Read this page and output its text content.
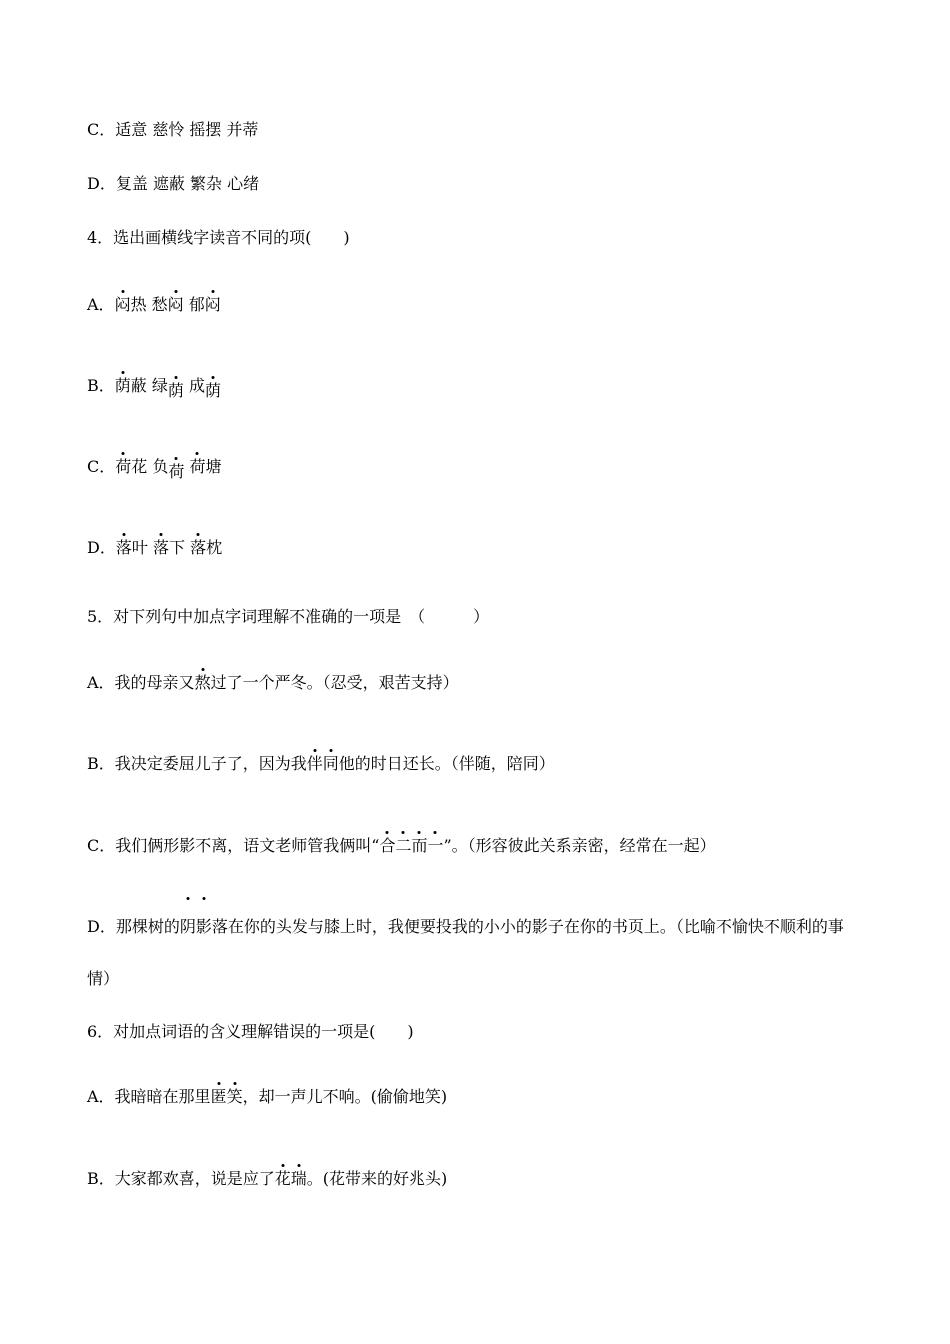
C．适意 慈怜 摇摆 并蒂
D．复盖 遮蔽 繁杂 心绪
4．选出画横线字读音不同的项(　　)
A．闷热 愁闷 郁闷
B．荫蔽 绿荫 成荫
C．荷花 负荷 荷塘
D．落叶 落下 落枕
5．对下列句中加点字词理解不准确的一项是　（　　　）
A．我的母亲又熬过了一个严冬。（忍受，艰苦支持）
B．我决定委屈儿子了，因为我伴同他的时日还长。（伴随，陪同）
C．我们俩形影不离，语文老师管我俩叫“合二而一”。（形容彼此关系亲密，经常在一起）
D．那棵树的阴影落在你的头发与膝上时，我便要投我的小小的影子在你的书页上。（比喻不愉快不顺利的事情）
6．对加点词语的含义理解错误的一项是(　　)
A．我暗暗在那里匿笑，却一声儿不响。(偷偷地笑)
B．大家都欢喜，说是应了花瑞。(花带来的好兆头)
